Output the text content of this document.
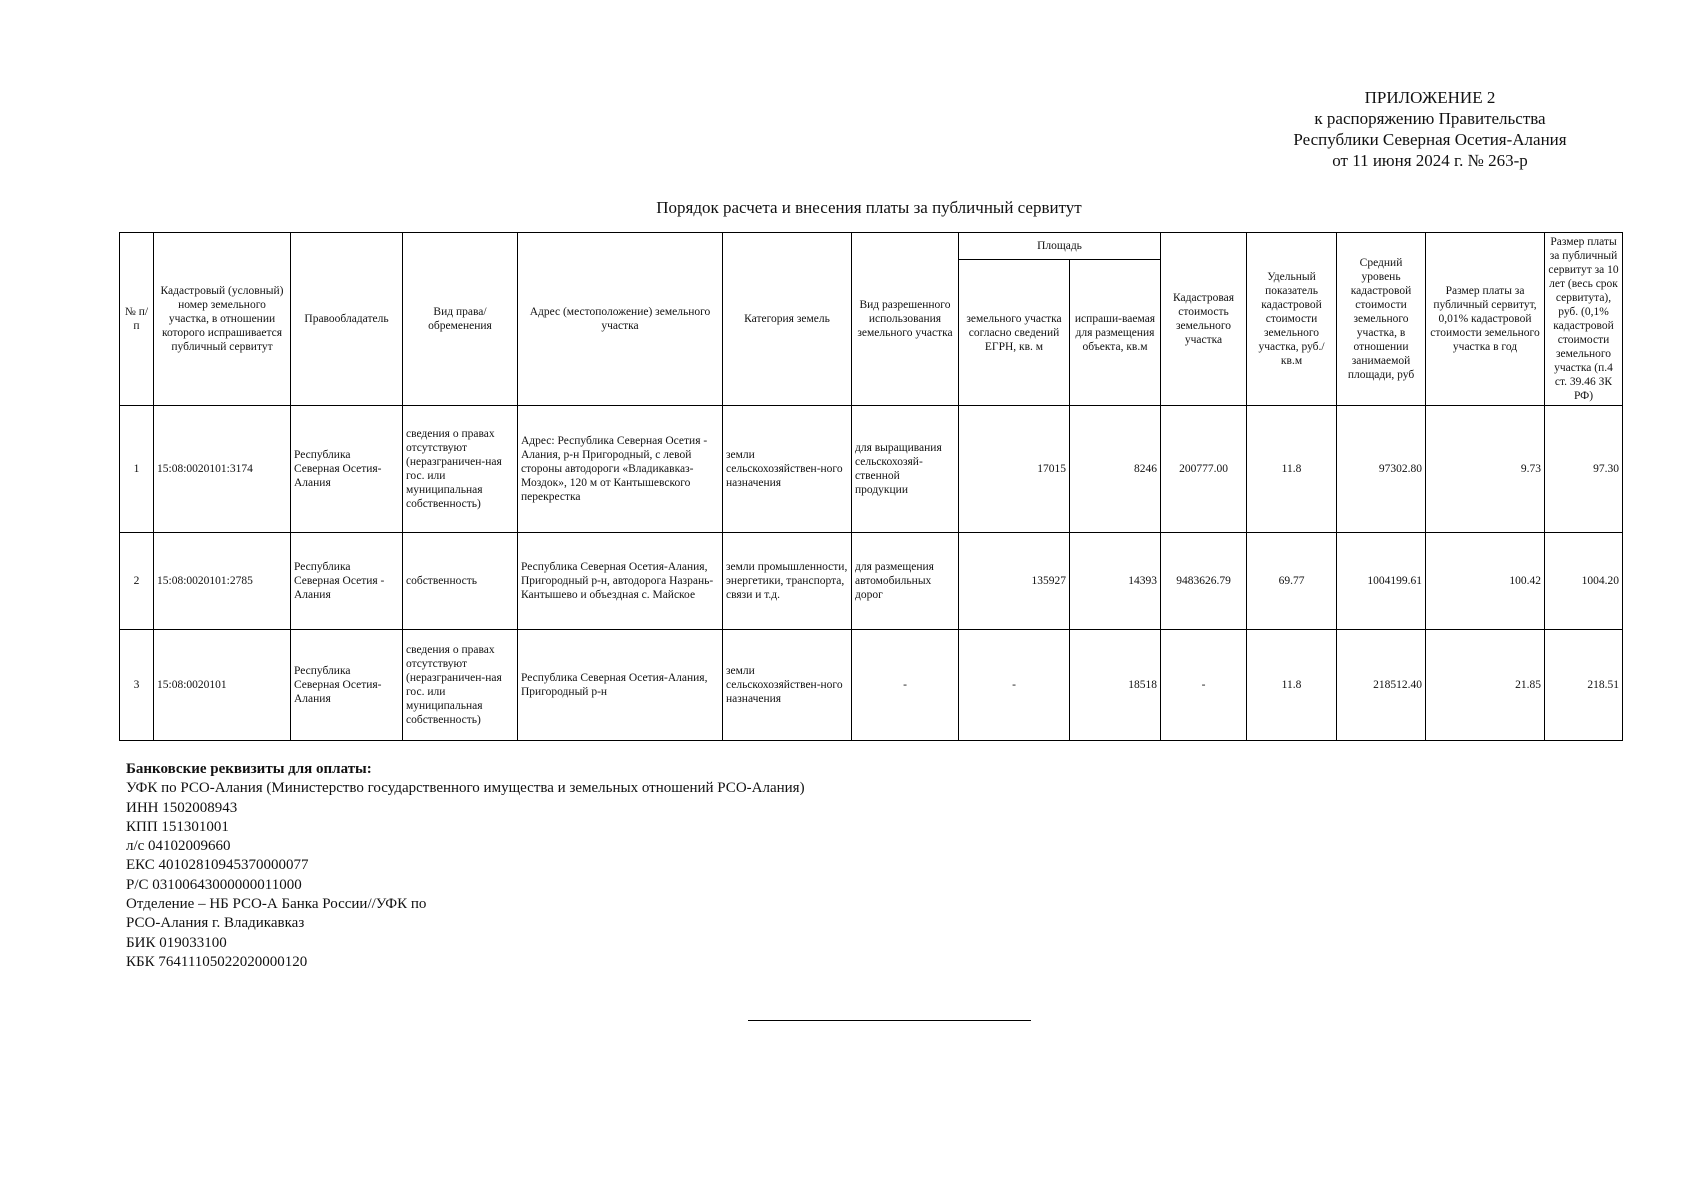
ПРИЛОЖЕНИЕ 2
к распоряжению Правительства
Республики Северная Осетия-Алания
от 11 июня 2024 г. № 263-р
Порядок расчета и внесения платы за публичный сервитут
№ п/п	Кадастровый (условный) номер земельного участка, в отношении которого испрашивается публичный сервитут	Правообладатель	Вид права/ обременения	Адрес (местоположение) земельного участка	Категория земель	Вид разрешенного использования земельного участка	Площадь		Кадастровая стоимость земельного участка	Удельный показатель кадастровой стоимости земельного участка, руб./кв.м	Средний уровень кадастровой стоимости земельного участка, в отношении занимаемой площади, руб	Размер платы за публичный сервитут, 0,01% кадастровой стоимости земельного участка в год	Размер платы за публичный сервитут за 10 лет (весь срок сервитута), руб. (0,1% кадастровой стоимости земельного участка (п.4 ст. 39.46 ЗК РФ)
							земельного участка согласно сведений ЕГРН, кв. м	испраши-ваемая для размещения объекта, кв.м					
1	15:08:0020101:3174	Республика Северная Осетия-Алания	сведения о правах отсутствуют (неразграничен-ная гос. или муниципальная собственность)	Адрес: Республика Северная Осетия - Алания, р-н Пригородный, с левой стороны автодороги «Владикавказ-Моздок», 120 м от Кантышевского перекрестка	земли сельскохозяйствен-ного назначения	для выращивания сельскохозяй-ственной продукции	17015	8246	200777.00	11.8	97302.80	9.73	97.30
2	15:08:0020101:2785	Республика Северная Осетия - Алания	собственность	Республика Северная Осетия-Алания, Пригородный р-н, автодорога Назрань-Кантышево и объездная с. Майское	земли промышленности, энергетики, транспорта, связи и т.д.	для размещения автомобильных дорог	135927	14393	9483626.79	69.77	1004199.61	100.42	1004.20
3	15:08:0020101	Республика Северная Осетия-Алания	сведения о правах отсутствуют (неразграничен-ная гос. или муниципальная собственность)	Республика Северная Осетия-Алания, Пригородный р-н	земли сельскохозяйствен-ного назначения	-	-	18518	-	11.8	218512.40	21.85	218.51
Банковские реквизиты для оплаты:
УФК по РСО-Алания (Министерство государственного имущества и земельных отношений РСО-Алания)
ИНН 1502008943
КПП 151301001
л/с 04102009660
ЕКС 40102810945370000077
Р/С 03100643000000011000
Отделение – НБ РСО-А Банка России//УФК по
РСО-Алания г. Владикавказ
БИК 019033100
КБК 76411105022020000120
